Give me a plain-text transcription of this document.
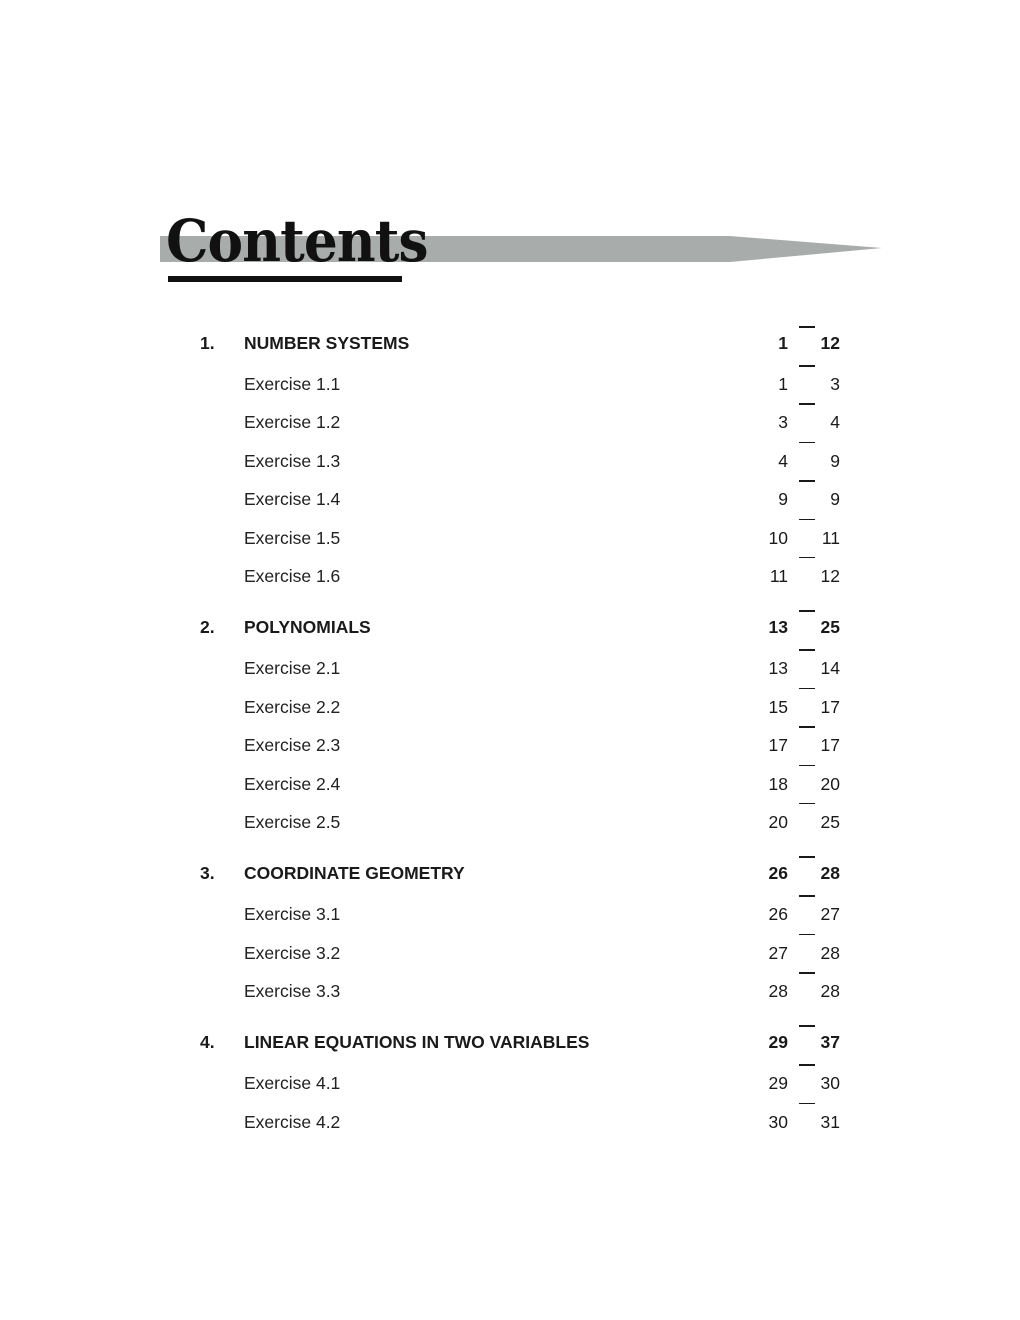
Contents
1. NUMBER SYSTEMS	1 12
Exercise 1.1	1 3
Exercise 1.2	3 4
Exercise 1.3	4 9
Exercise 1.4	9 9
Exercise 1.5	10 11
Exercise 1.6	11 12
2. POLYNOMIALS	13 25
Exercise 2.1	13 14
Exercise 2.2	15 17
Exercise 2.3	17 17
Exercise 2.4	18 20
Exercise 2.5	20 25
3. COORDINATE GEOMETRY	26 28
Exercise 3.1	26 27
Exercise 3.2	27 28
Exercise 3.3	28 28
4. LINEAR EQUATIONS IN TWO VARIABLES	29 37
Exercise 4.1	29 30
Exercise 4.2	30 31
